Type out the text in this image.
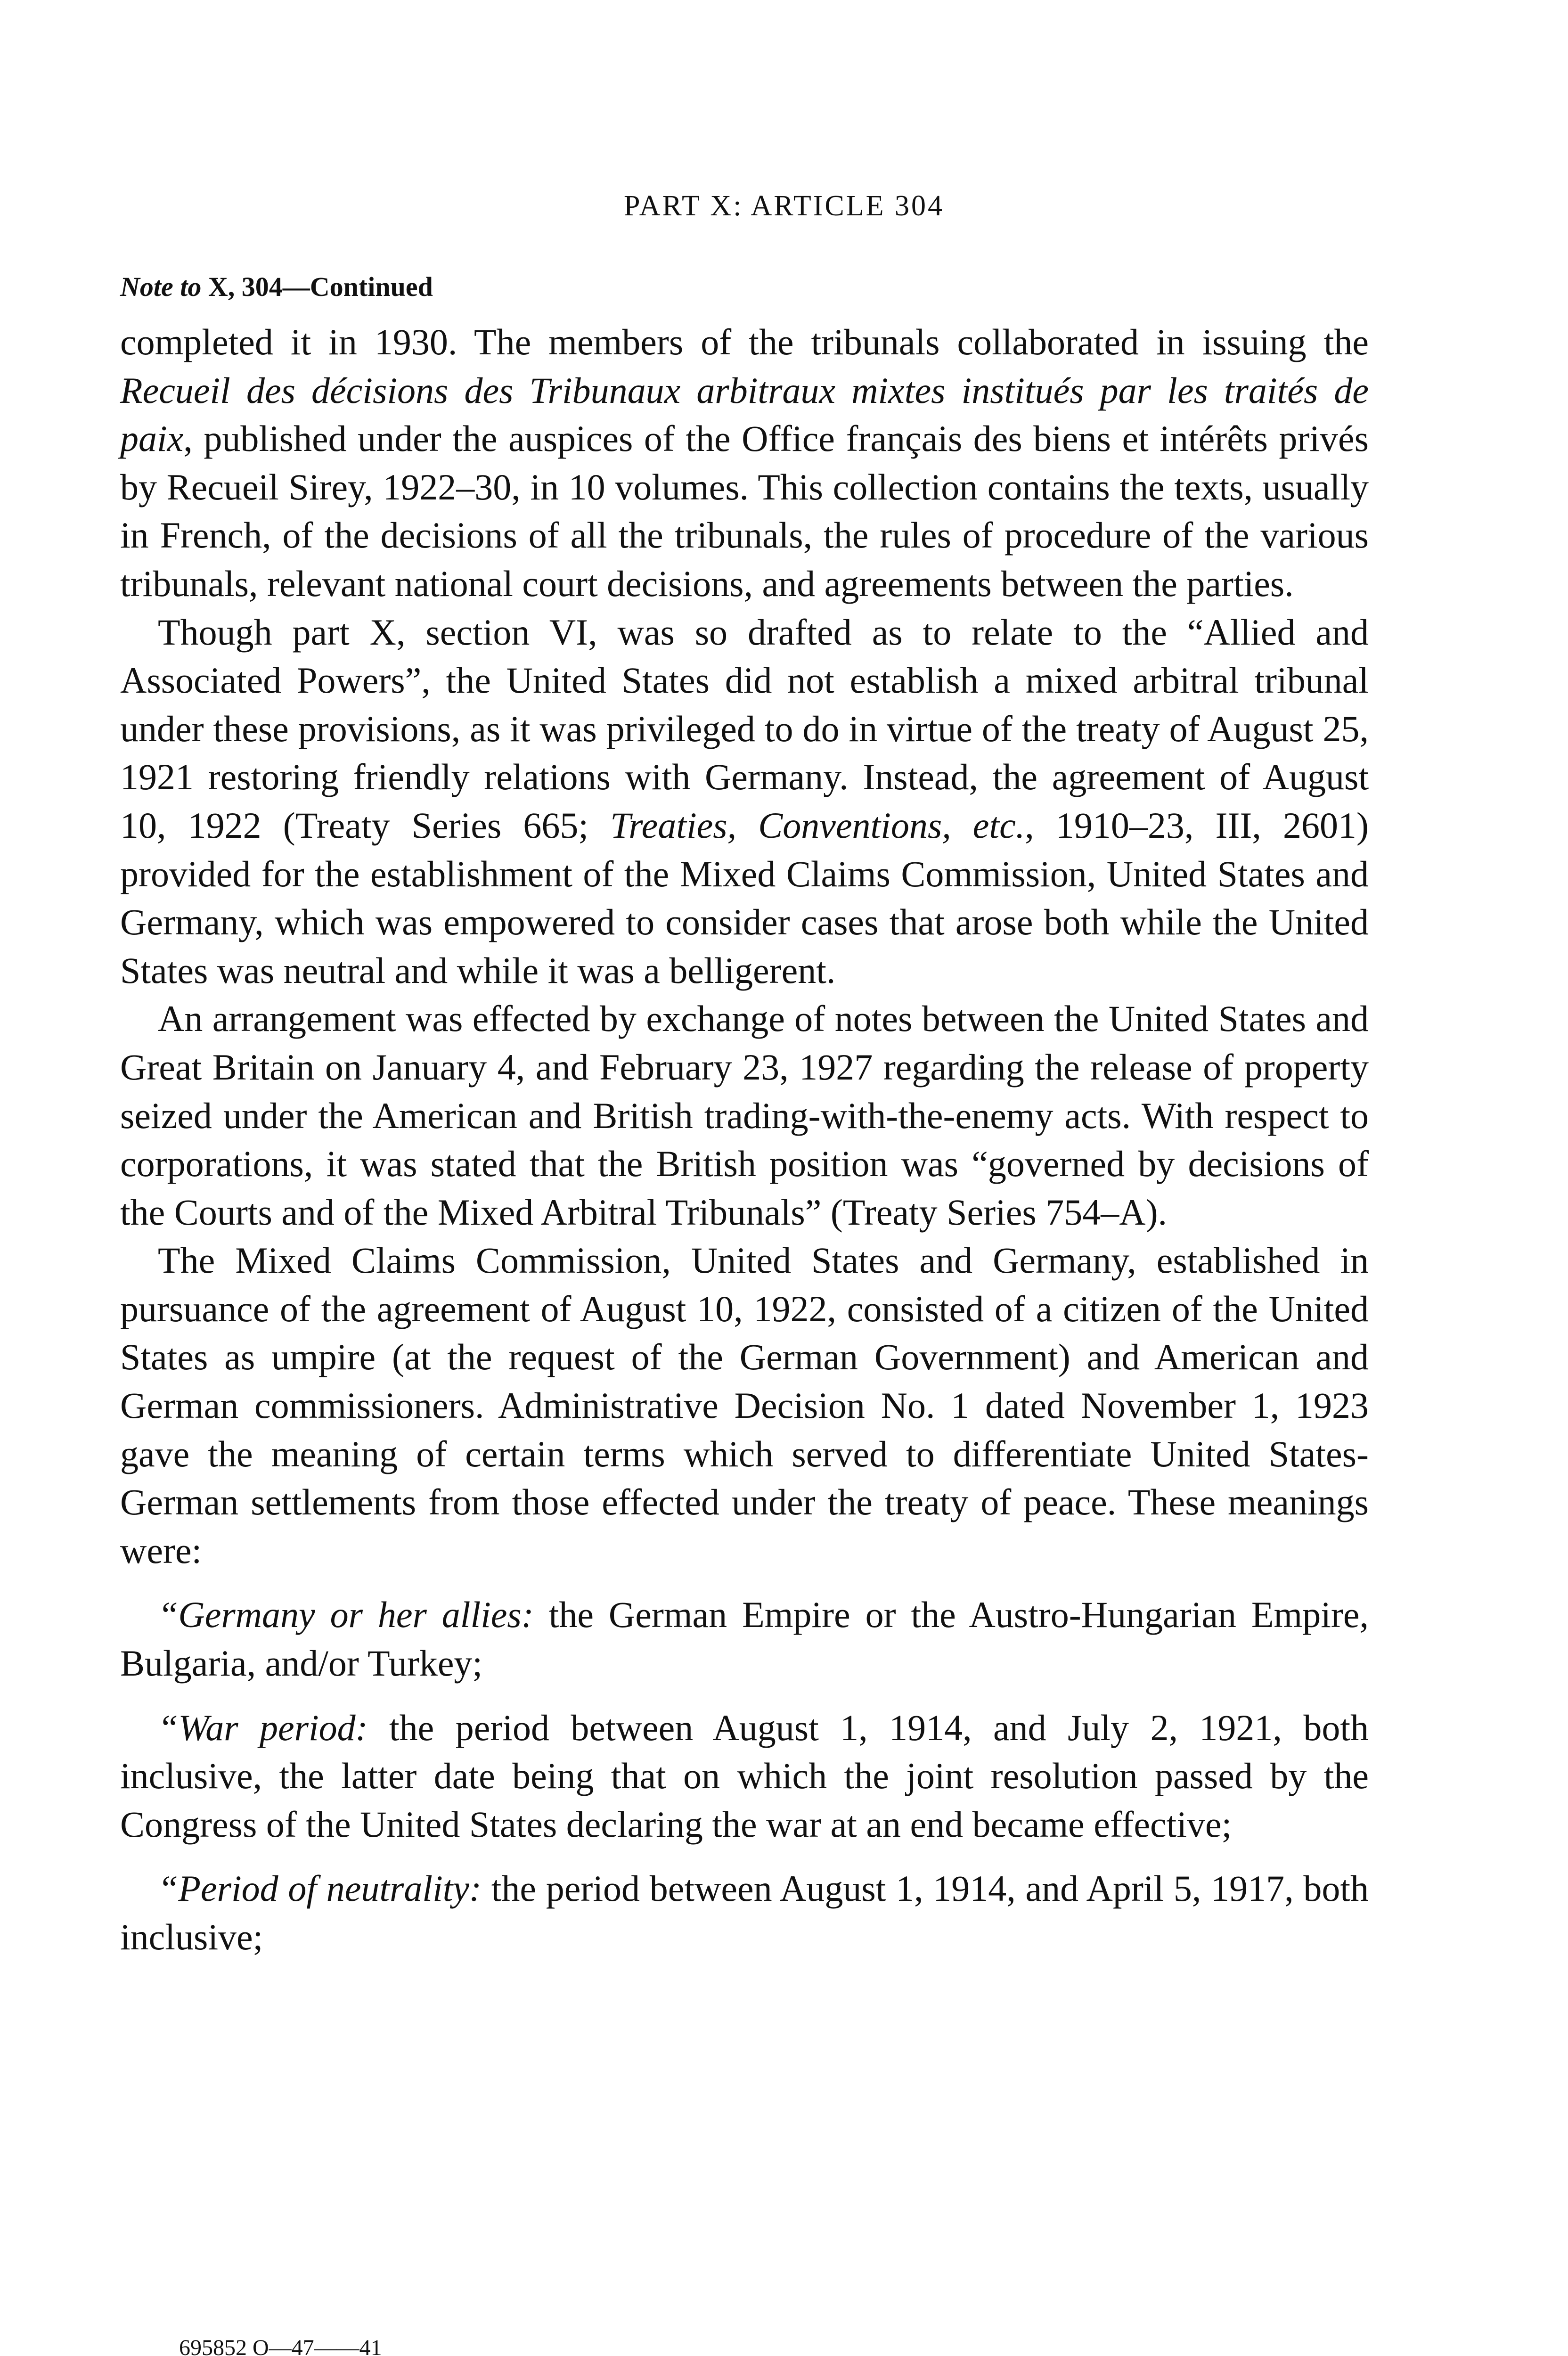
PART X: ARTICLE 304
Note to X, 304—Continued

completed it in 1930. The members of the tribunals collaborated in issuing the Recueil des décisions des Tribunaux arbitraux mixtes institués par les traités de paix, published under the auspices of the Office français des biens et intérêts privés by Recueil Sirey, 1922–30, in 10 volumes. This collection contains the texts, usually in French, of the decisions of all the tribunals, the rules of procedure of the various tribunals, relevant national court decisions, and agreements between the parties.

Though part X, section VI, was so drafted as to relate to the “Allied and Associated Powers”, the United States did not establish a mixed arbitral tribunal under these provisions, as it was privileged to do in virtue of the treaty of August 25, 1921 restoring friendly relations with Germany. Instead, the agreement of August 10, 1922 (Treaty Series 665; Treaties, Conventions, etc., 1910–23, III, 2601) provided for the establishment of the Mixed Claims Commission, United States and Germany, which was empowered to consider cases that arose both while the United States was neutral and while it was a belligerent.

An arrangement was effected by exchange of notes between the United States and Great Britain on January 4, and February 23, 1927 regarding the release of property seized under the American and British trading-with-the-enemy acts. With respect to corporations, it was stated that the British position was “governed by decisions of the Courts and of the Mixed Arbitral Tribunals” (Treaty Series 754–A).

The Mixed Claims Commission, United States and Germany, established in pursuance of the agreement of August 10, 1922, consisted of a citizen of the United States as umpire (at the request of the German Government) and American and German commissioners. Administrative Decision No. 1 dated November 1, 1923 gave the meaning of certain terms which served to differentiate United States-German settlements from those effected under the treaty of peace. These meanings were:

“Germany or her allies: the German Empire or the Austro-Hungarian Empire, Bulgaria, and/or Turkey;

“War period: the period between August 1, 1914, and July 2, 1921, both inclusive, the latter date being that on which the joint resolution passed by the Congress of the United States declaring the war at an end became effective;

“Period of neutrality: the period between August 1, 1914, and April 5, 1917, both inclusive;

695852 O—47——41
